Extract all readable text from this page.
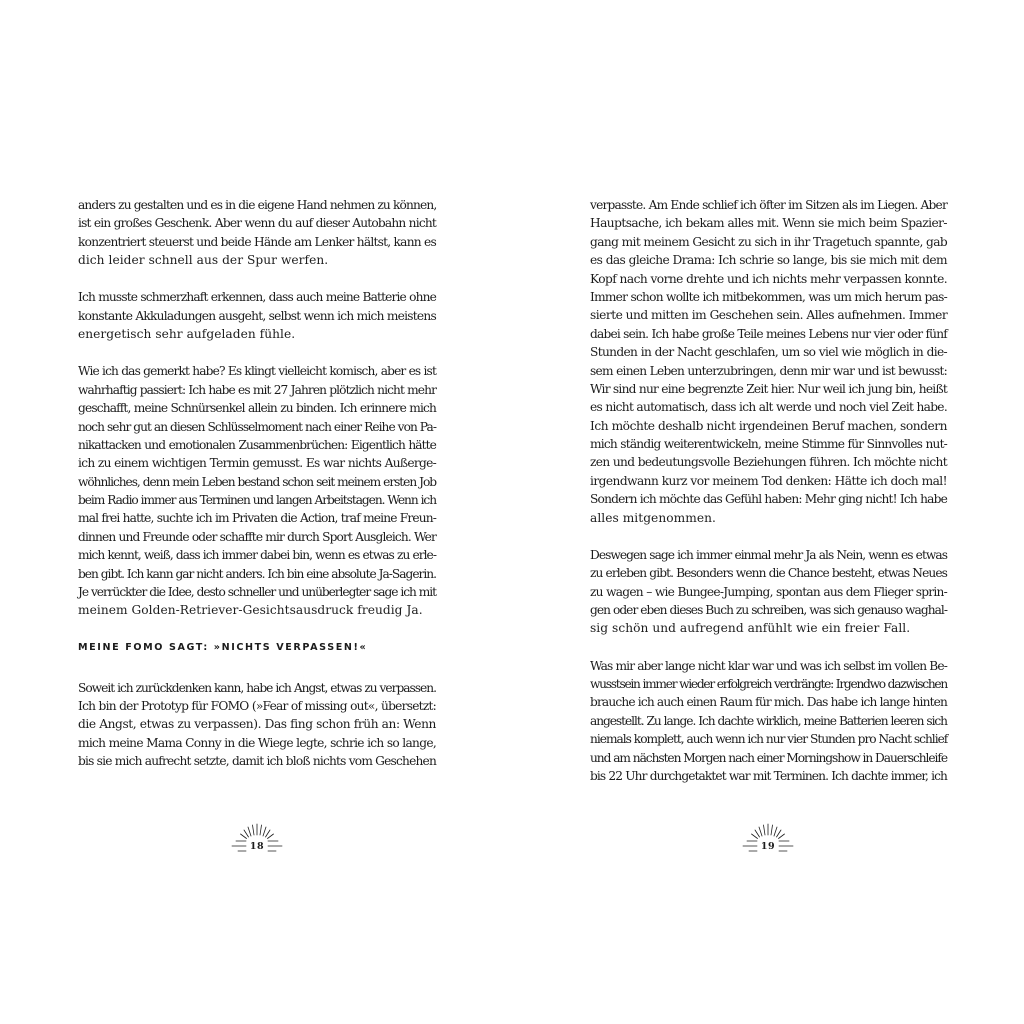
anders zu gestalten und es in die eigene Hand nehmen zu können,
ist ein großes Geschenk. Aber wenn du auf dieser Autobahn nicht
konzentriert steuerst und beide Hände am Lenker hältst, kann es
dich leider schnell aus der Spur werfen.
Ich musste schmerzhaft erkennen, dass auch meine Batterie ohne
konstante Akkuladungen ausgeht, selbst wenn ich mich meistens
energetisch sehr aufgeladen fühle.
Wie ich das gemerkt habe? Es klingt vielleicht komisch, aber es ist
wahrhaftig passiert: Ich habe es mit 27 Jahren plötzlich nicht mehr
geschafft, meine Schnürsenkel allein zu binden. Ich erinnere mich
noch sehr gut an diesen Schlüsselmoment nach einer Reihe von Pa-
nikattacken und emotionalen Zusammenbrüchen: Eigentlich hätte
ich zu einem wichtigen Termin gemusst. Es war nichts Außerge-
wöhnliches, denn mein Leben bestand schon seit meinem ersten Job
beim Radio immer aus Terminen und langen Arbeitstagen. Wenn ich
mal frei hatte, suchte ich im Privaten die Action, traf meine Freun-
dinnen und Freunde oder schaffte mir durch Sport Ausgleich. Wer
mich kennt, weiß, dass ich immer dabei bin, wenn es etwas zu erle-
ben gibt. Ich kann gar nicht anders. Ich bin eine absolute Ja-Sagerin.
Je verrückter die Idee, desto schneller und unüberlegter sage ich mit
meinem Golden-Retriever-Gesichtsausdruck freudig Ja.
MEINE FOMO SAGT: »NICHTS VERPASSEN!«
Soweit ich zurückdenken kann, habe ich Angst, etwas zu verpassen.
Ich bin der Prototyp für FOMO (»Fear of missing out«, übersetzt:
die Angst, etwas zu verpassen). Das fing schon früh an: Wenn
mich meine Mama Conny in die Wiege legte, schrie ich so lange,
bis sie mich aufrecht setzte, damit ich bloß nichts vom Geschehen
18
verpasste. Am Ende schlief ich öfter im Sitzen als im Liegen. Aber
Hauptsache, ich bekam alles mit. Wenn sie mich beim Spazier-
gang mit meinem Gesicht zu sich in ihr Tragetuch spannte, gab
es das gleiche Drama: Ich schrie so lange, bis sie mich mit dem
Kopf nach vorne drehte und ich nichts mehr verpassen konnte.
Immer schon wollte ich mitbekommen, was um mich herum pas-
sierte und mitten im Geschehen sein. Alles aufnehmen. Immer
dabei sein. Ich habe große Teile meines Lebens nur vier oder fünf
Stunden in der Nacht geschlafen, um so viel wie möglich in die-
sem einen Leben unterzubringen, denn mir war und ist bewusst:
Wir sind nur eine begrenzte Zeit hier. Nur weil ich jung bin, heißt
es nicht automatisch, dass ich alt werde und noch viel Zeit habe.
Ich möchte deshalb nicht irgendeinen Beruf machen, sondern
mich ständig weiterentwickeln, meine Stimme für Sinnvolles nut-
zen und bedeutungsvolle Beziehungen führen. Ich möchte nicht
irgendwann kurz vor meinem Tod denken: Hätte ich doch mal!
Sondern ich möchte das Gefühl haben: Mehr ging nicht! Ich habe
alles mitgenommen.
Deswegen sage ich immer einmal mehr Ja als Nein, wenn es etwas
zu erleben gibt. Besonders wenn die Chance besteht, etwas Neues
zu wagen – wie Bungee-Jumping, spontan aus dem Flieger sprin-
gen oder eben dieses Buch zu schreiben, was sich genauso waghal-
sig schön und aufregend anfühlt wie ein freier Fall.
Was mir aber lange nicht klar war und was ich selbst im vollen Be-
wusstsein immer wieder erfolgreich verdrängte: Irgendwo dazwischen
brauche ich auch einen Raum für mich. Das habe ich lange hinten
angestellt. Zu lange. Ich dachte wirklich, meine Batterien leeren sich
niemals komplett, auch wenn ich nur vier Stunden pro Nacht schlief
und am nächsten Morgen nach einer Morningshow in Dauerschleife
bis 22 Uhr durchgetaktet war mit Terminen. Ich dachte immer, ich
19
